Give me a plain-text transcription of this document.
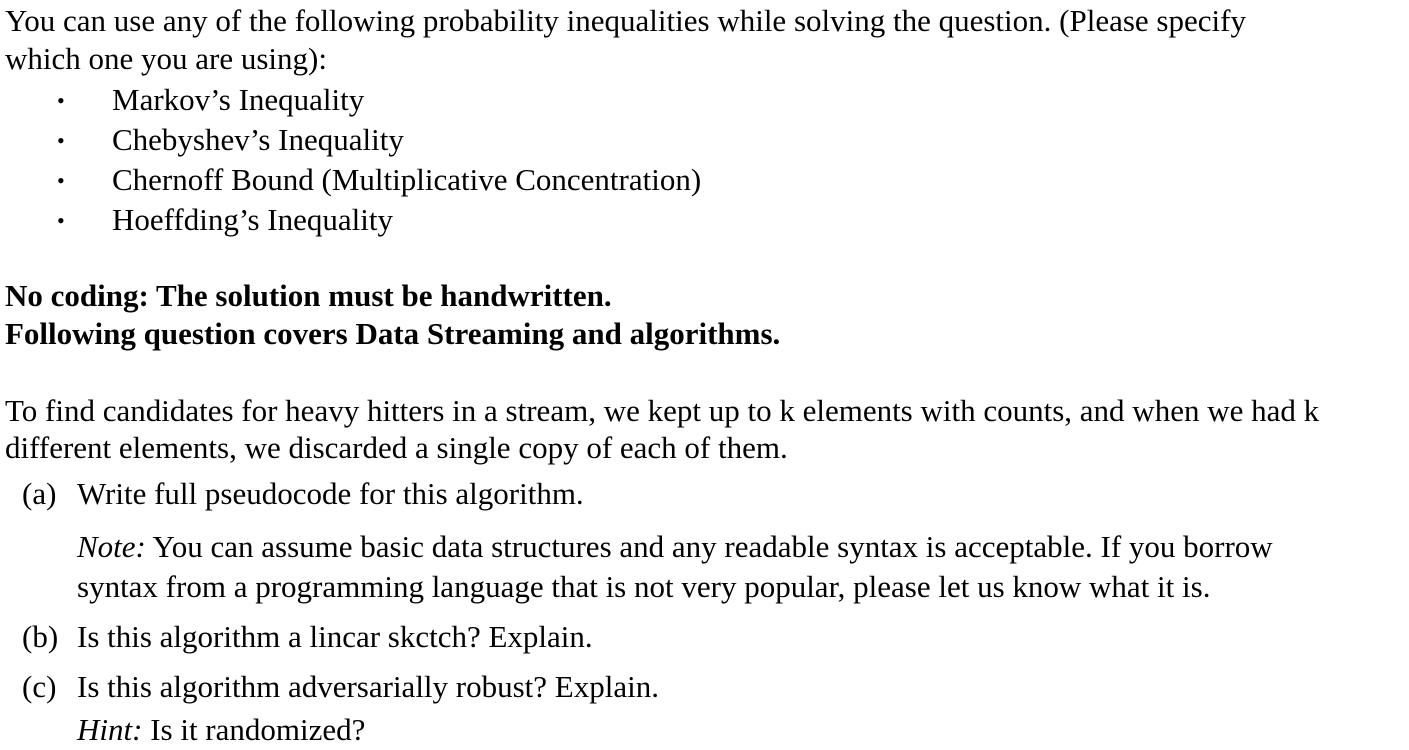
You can use any of the following probability inequalities while solving the question. (Please specify
which one you are using):
• Markov’s Inequality
• Chebyshev’s Inequality
• Chernoff Bound (Multiplicative Concentration)
• Hoeffding’s Inequality
No coding: The solution must be handwritten.
Following question covers Data Streaming and algorithms.
To find candidates for heavy hitters in a stream, we kept up to k elements with counts, and when we had k
different elements, we discarded a single copy of each of them.
(a) Write full pseudocode for this algorithm.
Note: You can assume basic data structures and any readable syntax is acceptable. If you borrow
syntax from a programming language that is not very popular, please let us know what it is.
(b) Is this algorithm a lincar skctch? Explain.
(c) Is this algorithm adversarially robust? Explain.
Hint: Is it randomized?
